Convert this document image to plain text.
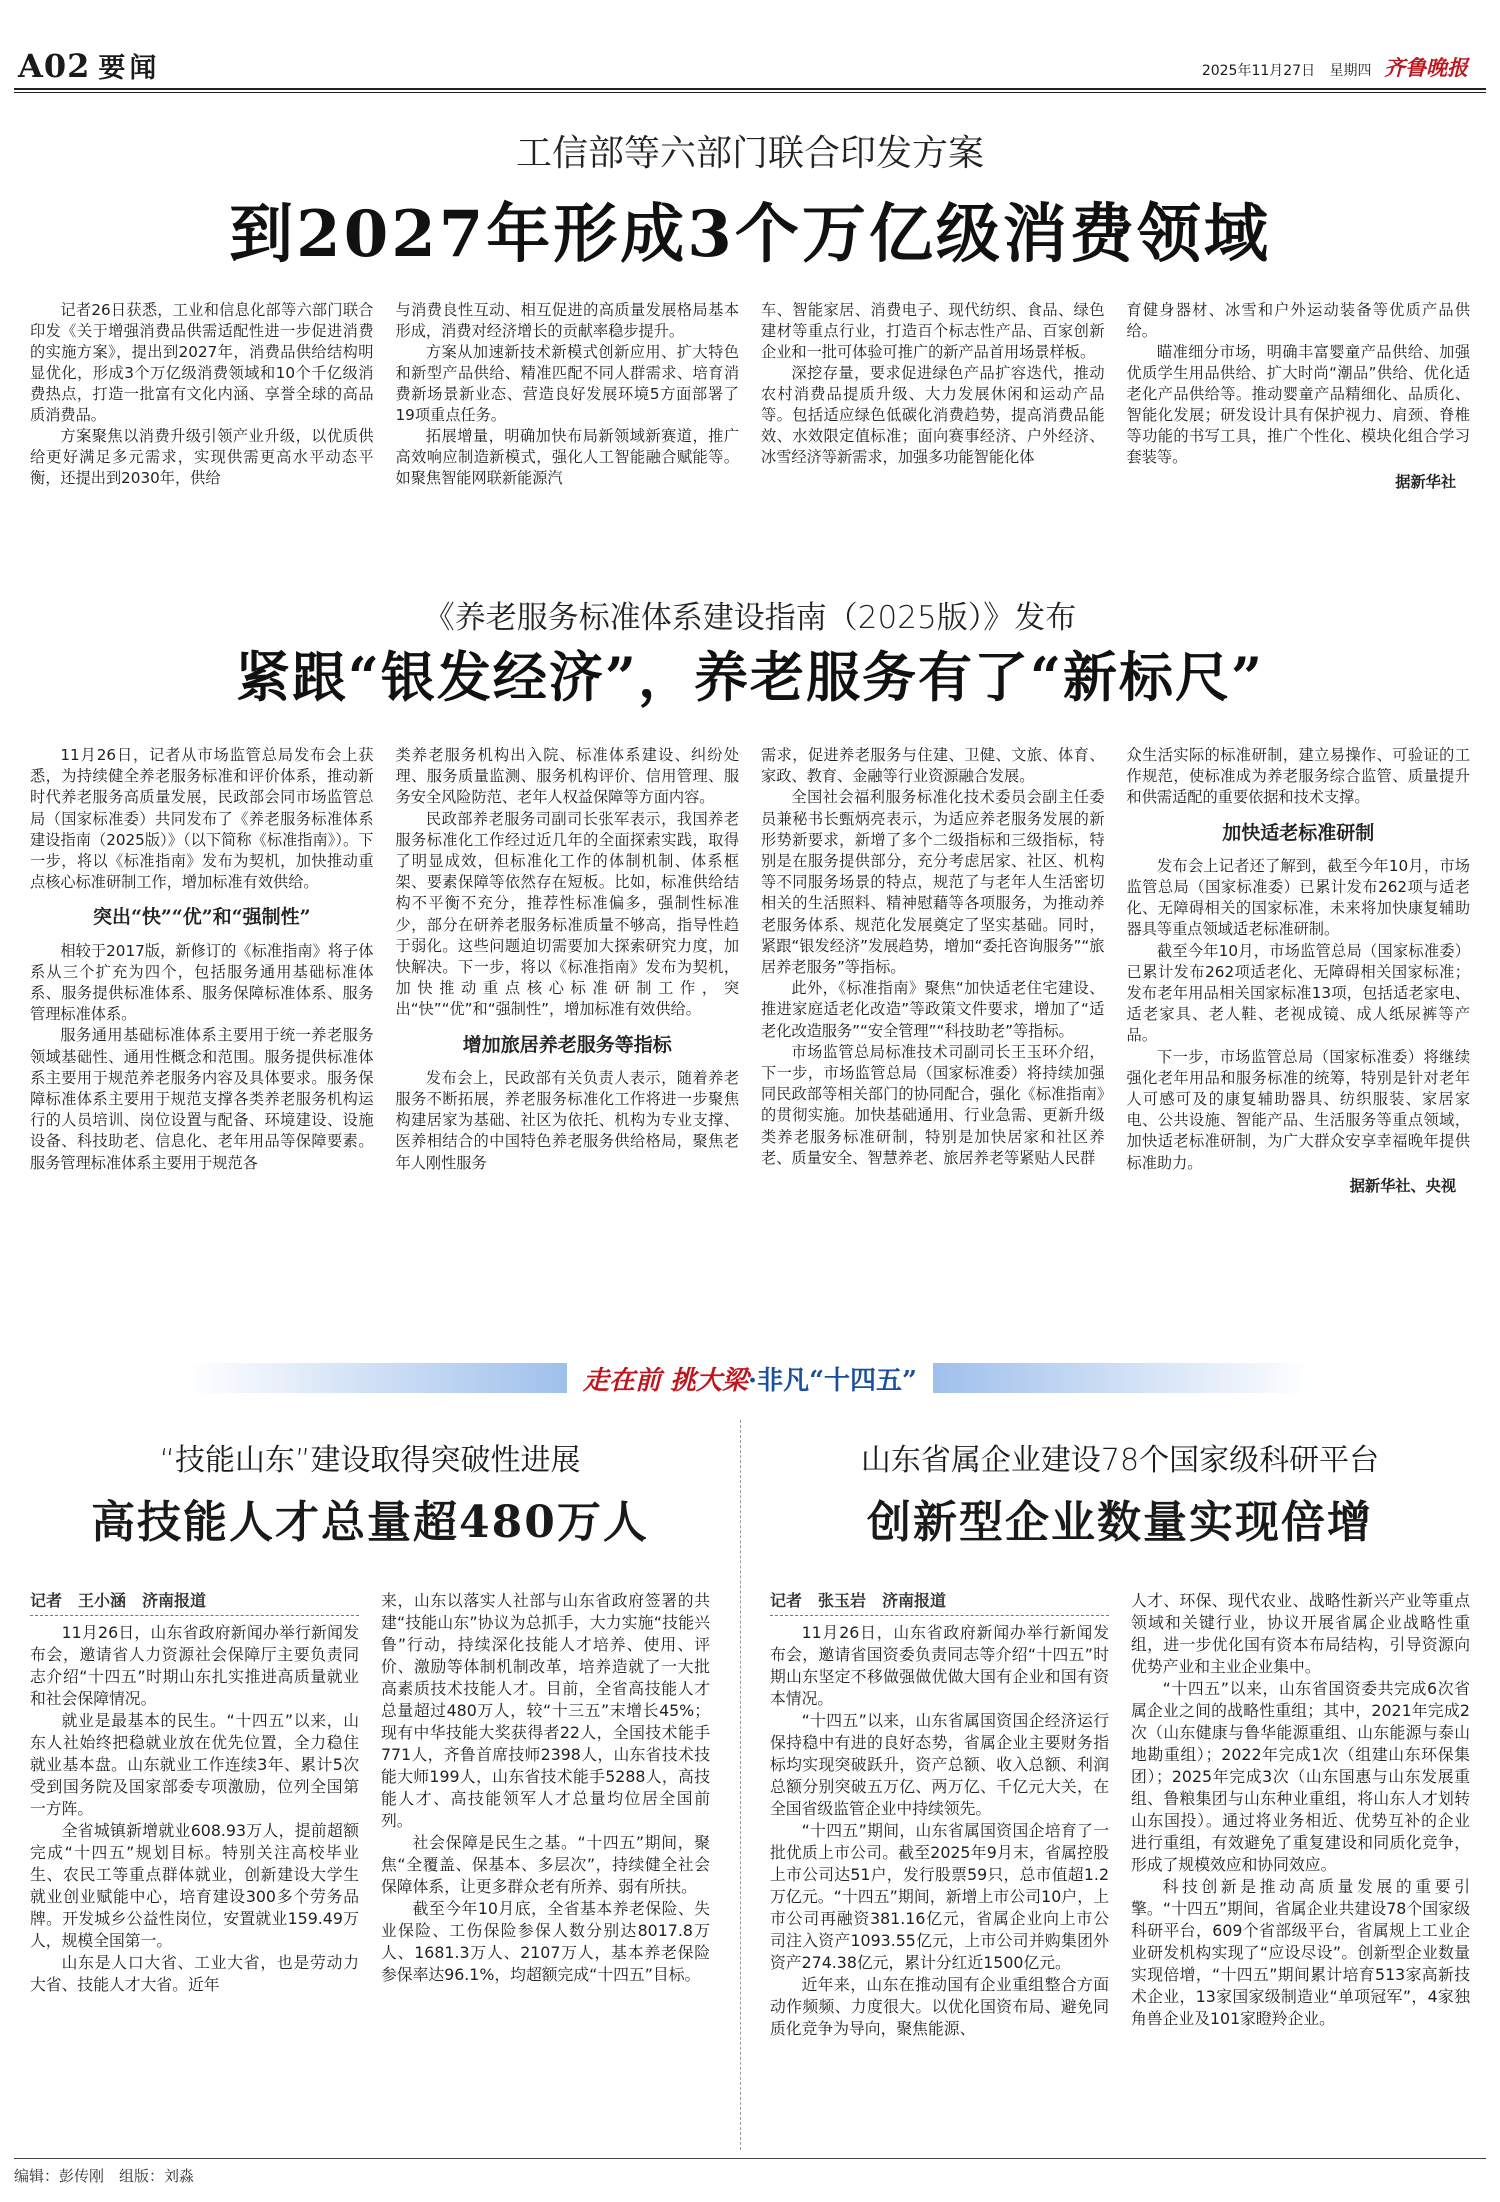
A02 要闻	2025年11月27日 星期四 齐鲁晚报
工信部等六部门联合印发方案
到2027年形成3个万亿级消费领域

记者26日获悉，工业和信息化部等六部门联合印发《关于增强消费品供需适配性进一步促进消费的实施方案》，提出到2027年，消费品供给结构明显优化，形成3个万亿级消费领域和10个千亿级消费热点，打造一批富有文化内涵、享誉全球的高品质消费品。

方案聚焦以消费升级引领产业升级，以优质供给更好满足多元需求，实现供需更高水平动态平衡，还提出到2030年，供给

与消费良性互动、相互促进的高质量发展格局基本形成，消费对经济增长的贡献率稳步提升。

方案从加速新技术新模式创新应用、扩大特色和新型产品供给、精准匹配不同人群需求、培育消费新场景新业态、营造良好发展环境5方面部署了19项重点任务。

拓展增量，明确加快布局新领域新赛道，推广高效响应制造新模式，强化人工智能融合赋能等。如聚焦智能网联新能源汽

车、智能家居、消费电子、现代纺织、食品、绿色建材等重点行业，打造百个标志性产品、百家创新企业和一批可体验可推广的新产品首用场景样板。

深挖存量，要求促进绿色产品扩容迭代，推动农村消费品提质升级、大力发展休闲和运动产品等。包括适应绿色低碳化消费趋势，提高消费品能效、水效限定值标准；面向赛事经济、户外经济、冰雪经济等新需求，加强多功能智能化体

育健身器材、冰雪和户外运动装备等优质产品供给。

瞄准细分市场，明确丰富婴童产品供给、加强优质学生用品供给、扩大时尚“潮品”供给、优化适老化产品供给等。推动婴童产品精细化、品质化、智能化发展；研发设计具有保护视力、肩颈、脊椎等功能的书写工具，推广个性化、模块化组合学习套装等。

据新华社
《养老服务标准体系建设指南（2025版）》发布
紧跟“银发经济”，养老服务有了“新标尺”

11月26日，记者从市场监管总局发布会上获悉，为持续健全养老服务标准和评价体系，推动新时代养老服务高质量发展，民政部会同市场监管总局（国家标准委）共同发布了《养老服务标准体系建设指南（2025版）》（以下简称《标准指南》）。下一步，将以《标准指南》发布为契机，加快推动重点核心标准研制工作，增加标准有效供给。

突出“快”“优”和“强制性”

相较于2017版，新修订的《标准指南》将子体系从三个扩充为四个，包括服务通用基础标准体系、服务提供标准体系、服务保障标准体系、服务管理标准体系。

服务通用基础标准体系主要用于统一养老服务领域基础性、通用性概念和范围。服务提供标准体系主要用于规范养老服务内容及具体要求。服务保障标准体系主要用于规范支撑各类养老服务机构运行的人员培训、岗位设置与配备、环境建设、设施设备、科技助老、信息化、老年用品等保障要素。服务管理标准体系主要用于规范各

类养老服务机构出入院、标准体系建设、纠纷处理、服务质量监测、服务机构评价、信用管理、服务安全风险防范、老年人权益保障等方面内容。

民政部养老服务司副司长张军表示，我国养老服务标准化工作经过近几年的全面探索实践，取得了明显成效，但标准化工作的体制机制、体系框架、要素保障等依然存在短板。比如，标准供给结构不平衡不充分，推荐性标准偏多，强制性标准少，部分在研养老服务标准质量不够高，指导性趋于弱化。这些问题迫切需要加大探索研究力度，加快解决。下一步，将以《标准指南》发布为契机，加快推动重点核心标准研制工作，突出“快”“优”和“强制性”，增加标准有效供给。

增加旅居养老服务等指标

发布会上，民政部有关负责人表示，随着养老服务不断拓展，养老服务标准化工作将进一步聚焦构建居家为基础、社区为依托、机构为专业支撑、医养相结合的中国特色养老服务供给格局，聚焦老年人刚性服务

需求，促进养老服务与住建、卫健、文旅、体育、家政、教育、金融等行业资源融合发展。

全国社会福利服务标准化技术委员会副主任委员兼秘书长甄炳亮表示，为适应养老服务发展的新形势新要求，新增了多个二级指标和三级指标，特别是在服务提供部分，充分考虑居家、社区、机构等不同服务场景的特点，规范了与老年人生活密切相关的生活照料、精神慰藉等各项服务，为推动养老服务体系、规范化发展奠定了坚实基础。同时，紧跟“银发经济”发展趋势，增加“委托咨询服务”“旅居养老服务”等指标。

此外，《标准指南》聚焦“加快适老住宅建设、推进家庭适老化改造”等政策文件要求，增加了“适老化改造服务”“安全管理”“科技助老”等指标。

市场监管总局标准技术司副司长王玉环介绍，下一步，市场监管总局（国家标准委）将持续加强同民政部等相关部门的协同配合，强化《标准指南》的贯彻实施。加快基础通用、行业急需、更新升级类养老服务标准研制，特别是加快居家和社区养老、质量安全、智慧养老、旅居养老等紧贴人民群

众生活实际的标准研制，建立易操作、可验证的工作规范，使标准成为养老服务综合监管、质量提升和供需适配的重要依据和技术支撑。

加快适老标准研制

发布会上记者还了解到，截至今年10月，市场监管总局（国家标准委）已累计发布262项与适老化、无障碍相关的国家标准，未来将加快康复辅助器具等重点领域适老标准研制。

截至今年10月，市场监管总局（国家标准委）已累计发布262项适老化、无障碍相关国家标准；发布老年用品相关国家标准13项，包括适老家电、适老家具、老人鞋、老视成镜、成人纸尿裤等产品。

下一步，市场监管总局（国家标准委）将继续强化老年用品和服务标准的统筹，特别是针对老年人可感可及的康复辅助器具、纺织服装、家居家电、公共设施、智能产品、生活服务等重点领域，加快适老标准研制，为广大群众安享幸福晚年提供标准助力。

据新华社、央视
走在前 挑大梁·非凡“十四五”
“技能山东”建设取得突破性进展
高技能人才总量超480万人
记者　王小涵　济南报道

11月26日，山东省政府新闻办举行新闻发布会，邀请省人力资源社会保障厅主要负责同志介绍“十四五”时期山东扎实推进高质量就业和社会保障情况。

就业是最基本的民生。“十四五”以来，山东人社始终把稳就业放在优先位置，全力稳住就业基本盘。山东就业工作连续3年、累计5次受到国务院及国家部委专项激励，位列全国第一方阵。

全省城镇新增就业608.93万人，提前超额完成“十四五”规划目标。特别关注高校毕业生、农民工等重点群体就业，创新建设大学生就业创业赋能中心，培育建设300多个劳务品牌。开发城乡公益性岗位，安置就业159.49万人，规模全国第一。

山东是人口大省、工业大省，也是劳动力大省、技能人才大省。近年

来，山东以落实人社部与山东省政府签署的共建“技能山东”协议为总抓手，大力实施“技能兴鲁”行动，持续深化技能人才培养、使用、评价、激励等体制机制改革，培养造就了一大批高素质技术技能人才。目前，全省高技能人才总量超过480万人，较“十三五”末增长45%；现有中华技能大奖获得者22人，全国技术能手771人，齐鲁首席技师2398人，山东省技术技能大师199人，山东省技术能手5288人，高技能人才、高技能领军人才总量均位居全国前列。

社会保障是民生之基。“十四五”期间，聚焦“全覆盖、保基本、多层次”，持续健全社会保障体系，让更多群众老有所养、弱有所扶。

截至今年10月底，全省基本养老保险、失业保险、工伤保险参保人数分别达8017.8万人、1681.3万人、2107万人，基本养老保险参保率达96.1%，均超额完成“十四五”目标。

山东省属企业建设78个国家级科研平台
创新型企业数量实现倍增
记者　张玉岩　济南报道

11月26日，山东省政府新闻办举行新闻发布会，邀请省国资委负责同志等介绍“十四五”时期山东坚定不移做强做优做大国有企业和国有资本情况。

“十四五”以来，山东省属国资国企经济运行保持稳中有进的良好态势，省属企业主要财务指标均实现突破跃升，资产总额、收入总额、利润总额分别突破五万亿、两万亿、千亿元大关，在全国省级监管企业中持续领先。

“十四五”期间，山东省属国资国企培育了一批优质上市公司。截至2025年9月末，省属控股上市公司达51户，发行股票59只，总市值超1.2万亿元。“十四五”期间，新增上市公司10户，上市公司再融资381.16亿元，省属企业向上市公司注入资产1093.55亿元，上市公司并购集团外资产274.38亿元，累计分红近1500亿元。

近年来，山东在推动国有企业重组整合方面动作频频、力度很大。以优化国资布局、避免同质化竞争为导向，聚焦能源、

人才、环保、现代农业、战略性新兴产业等重点领域和关键行业，协议开展省属企业战略性重组，进一步优化国有资本布局结构，引导资源向优势产业和主业企业集中。

“十四五”以来，山东省国资委共完成6次省属企业之间的战略性重组；其中，2021年完成2次（山东健康与鲁华能源重组、山东能源与泰山地勘重组）；2022年完成1次（组建山东环保集团）；2025年完成3次（山东国惠与山东发展重组、鲁粮集团与山东种业重组，将山东人才划转山东国投）。通过将业务相近、优势互补的企业进行重组，有效避免了重复建设和同质化竞争，形成了规模效应和协同效应。

科技创新是推动高质量发展的重要引擎。“十四五”期间，省属企业共建设78个国家级科研平台，609个省部级平台，省属规上工业企业研发机构实现了“应设尽设”。创新型企业数量实现倍增，“十四五”期间累计培育513家高新技术企业，13家国家级制造业“单项冠军”，4家独角兽企业及101家瞪羚企业。

编辑：彭传刚　组版：刘淼
